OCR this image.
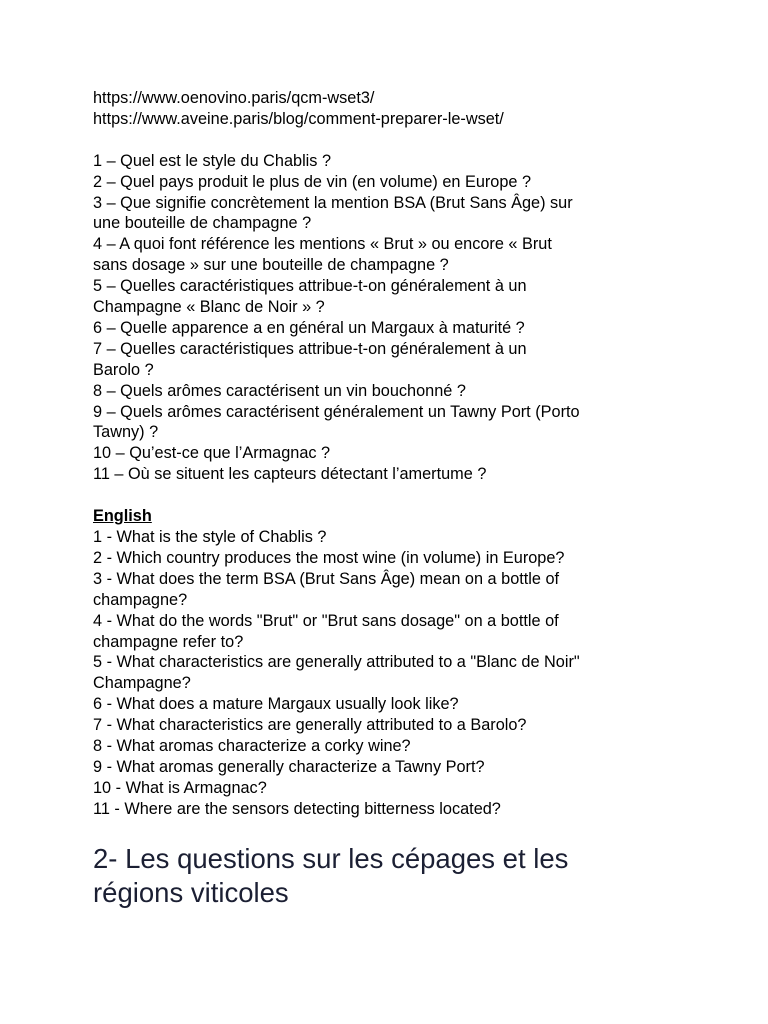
https://www.oenovino.paris/qcm-wset3/
https://www.aveine.paris/blog/comment-preparer-le-wset/
1 – Quel est le style du Chablis ?
2 – Quel pays produit le plus de vin (en volume) en Europe ?
3 – Que signifie concrètement la mention BSA (Brut Sans Âge) sur
une bouteille de champagne ?
4 – A quoi font référence les mentions « Brut » ou encore « Brut
sans dosage » sur une bouteille de champagne ?
5 – Quelles caractéristiques attribue-t-on généralement à un
Champagne « Blanc de Noir » ?
6 – Quelle apparence a en général un Margaux à maturité ?
7 – Quelles caractéristiques attribue-t-on généralement à un
Barolo ?
8 – Quels arômes caractérisent un vin bouchonné ?
9 – Quels arômes caractérisent généralement un Tawny Port (Porto
Tawny) ?
10 – Qu’est-ce que l’Armagnac ?
11 – Où se situent les capteurs détectant l’amertume ?
English
1 - What is the style of Chablis ?
2 - Which country produces the most wine (in volume) in Europe?
3 - What does the term BSA (Brut Sans Âge) mean on a bottle of
champagne?
4 - What do the words "Brut" or "Brut sans dosage" on a bottle of
champagne refer to?
5 - What characteristics are generally attributed to a "Blanc de Noir"
Champagne?
6 - What does a mature Margaux usually look like?
7 - What characteristics are generally attributed to a Barolo?
8 - What aromas characterize a corky wine?
9 - What aromas generally characterize a Tawny Port?
10 - What is Armagnac?
11 - Where are the sensors detecting bitterness located?
2- Les questions sur les cépages et les
régions viticoles
